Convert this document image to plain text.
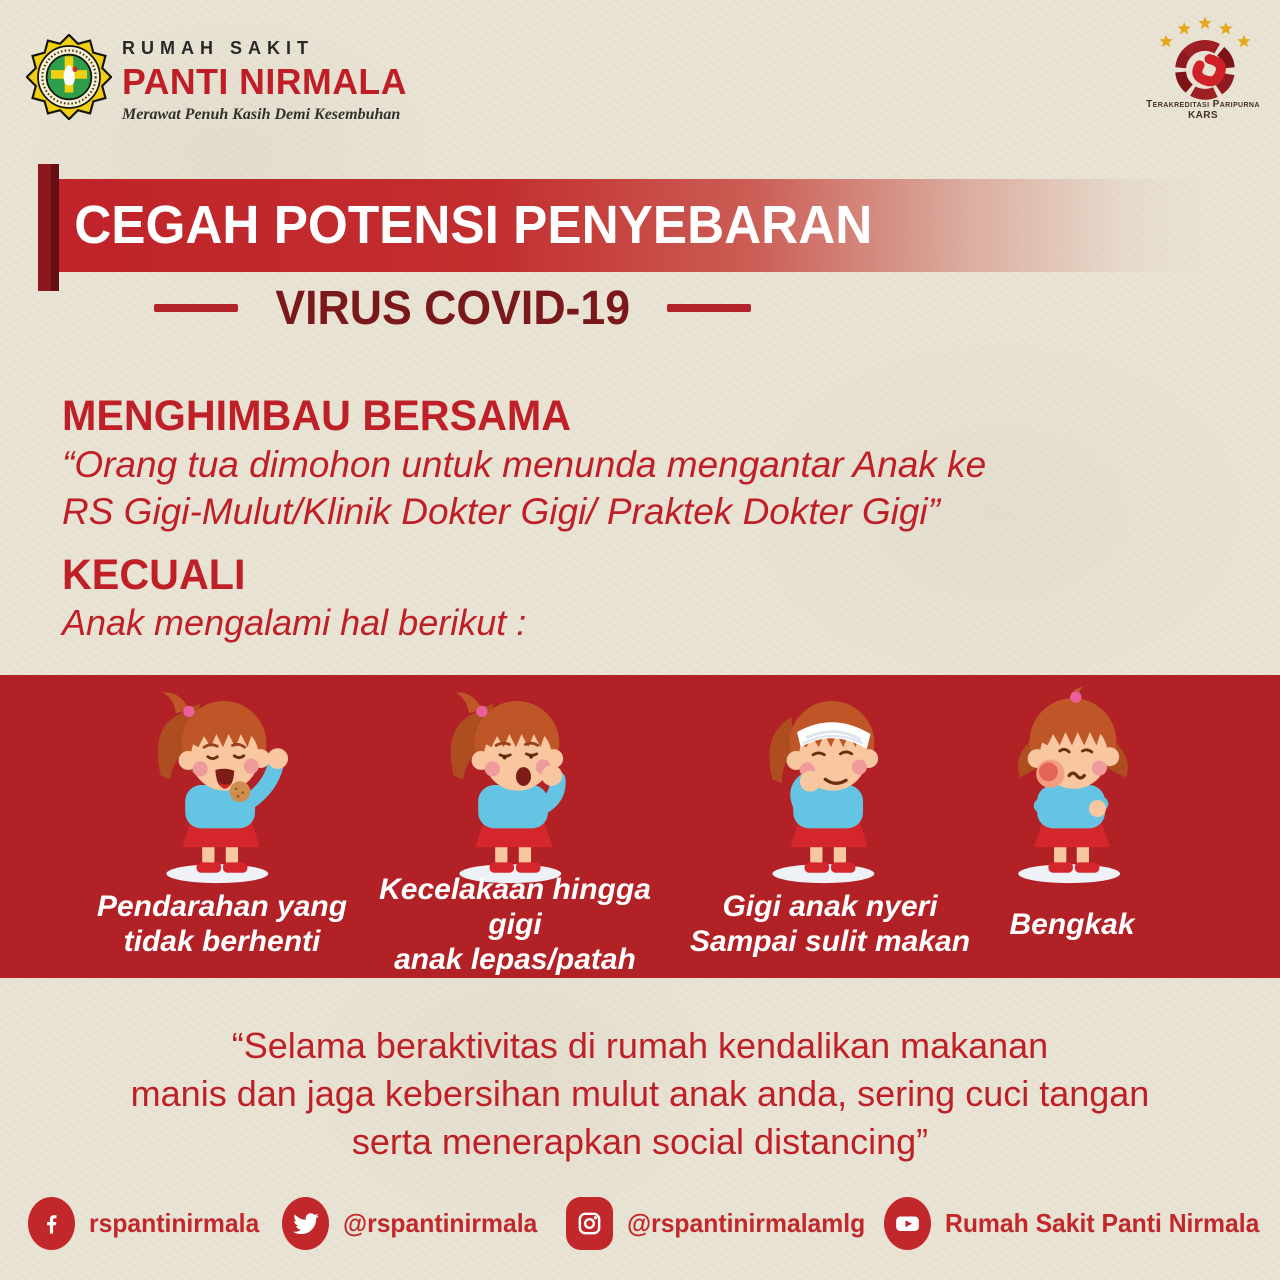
RUMAH SAKIT
PANTI NIRMALA
Merawat Penuh Kasih Demi Kesembuhan
Terakreditasi Paripurna
KARS
CEGAH POTENSI PENYEBARAN
VIRUS COVID-19
MENGHIMBAU BERSAMA
“Orang tua dimohon untuk menunda mengantar Anak ke
RS Gigi-Mulut/Klinik Dokter Gigi/ Praktek Dokter Gigi”
KECUALI
Anak mengalami hal berikut :
Pendarahan yang
tidak berhenti
Kecelakaan hingga gigi
anak lepas/patah
Gigi anak nyeri
Sampai sulit makan
Bengkak
“Selama beraktivitas di rumah kendalikan makanan
manis dan jaga kebersihan mulut anak anda, sering cuci tangan
serta menerapkan social distancing”
rspantinirmala	@rspantinirmala	@rspantinirmalamlg	Rumah Sakit Panti Nirmala
